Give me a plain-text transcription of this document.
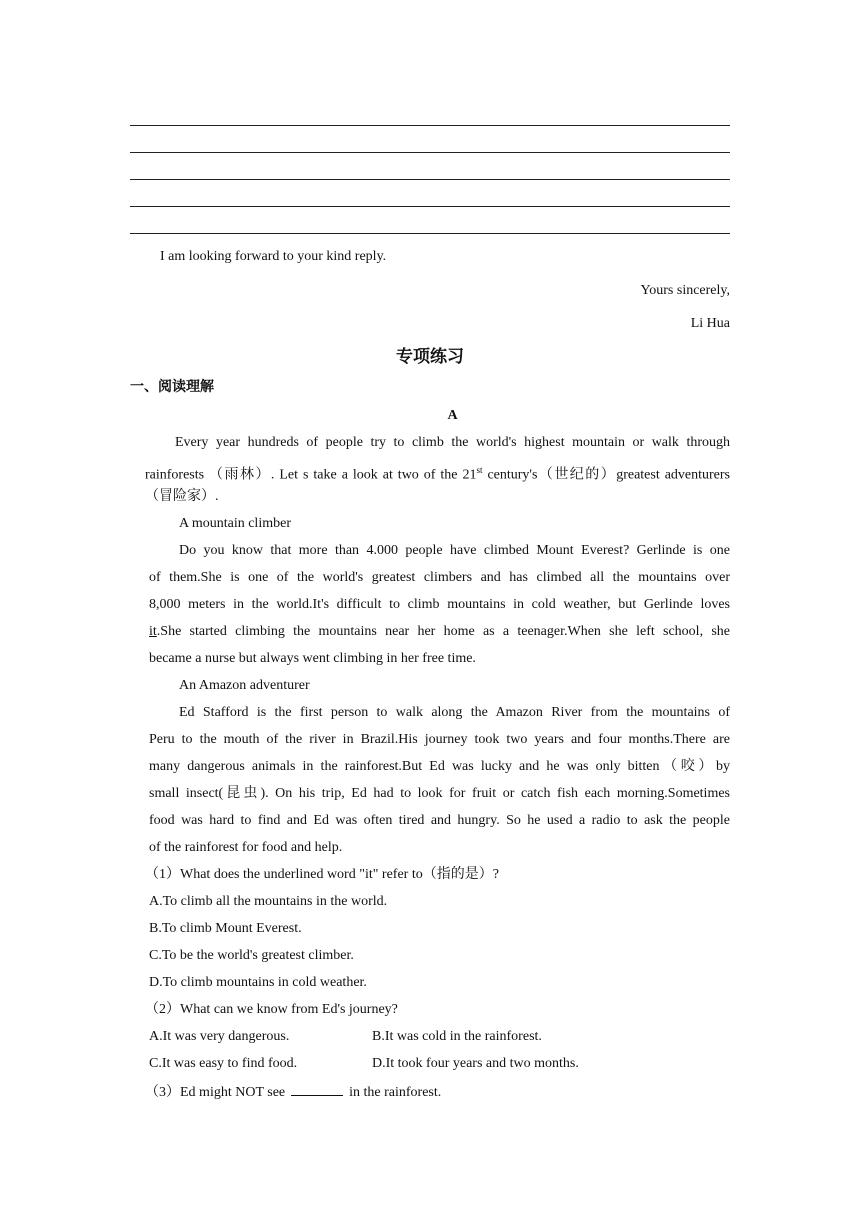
I am looking forward to your kind reply.
Yours sincerely,
Li Hua
专项练习
一、阅读理解
A
Every year hundreds of people try to climb the world's highest mountain or walk through
rainforests （雨林）. Let s take a look at two of the 21st century's（世纪的）greatest adventurers
（冒险家）.
A mountain climber
Do you know that more than 4.000 people have climbed Mount Everest? Gerlinde is one
of them.She is one of the world's greatest climbers and has climbed all the mountains over
8,000 meters in the world.It's difficult to climb mountains in cold weather, but Gerlinde loves
it.She started climbing the mountains near her home as a teenager.When she left school, she
became a nurse but always went climbing in her free time.
An Amazon adventurer
Ed Stafford is the first person to walk along the Amazon River from the mountains of
Peru to the mouth of the river in Brazil.His journey took two years and four months.There are
many dangerous animals in the rainforest.But Ed was lucky and he was only bitten（咬）by
small insect(昆虫). On his trip, Ed had to look for fruit or catch fish each morning.Sometimes
food was hard to find and Ed was often tired and hungry. So he used a radio to ask the people
of the rainforest for food and help.
（1）What does the underlined word "it" refer to（指的是）?
A.To climb all the mountains in the world.
B.To climb Mount Everest.
C.To be the world's greatest climber.
D.To climb mountains in cold weather.
（2）What can we know from Ed's journey?
A.It was very dangerous.	B.It was cold in the rainforest.
C.It was easy to find food.	D.It took four years and two months.
（3）Ed might NOT see	in the rainforest.
